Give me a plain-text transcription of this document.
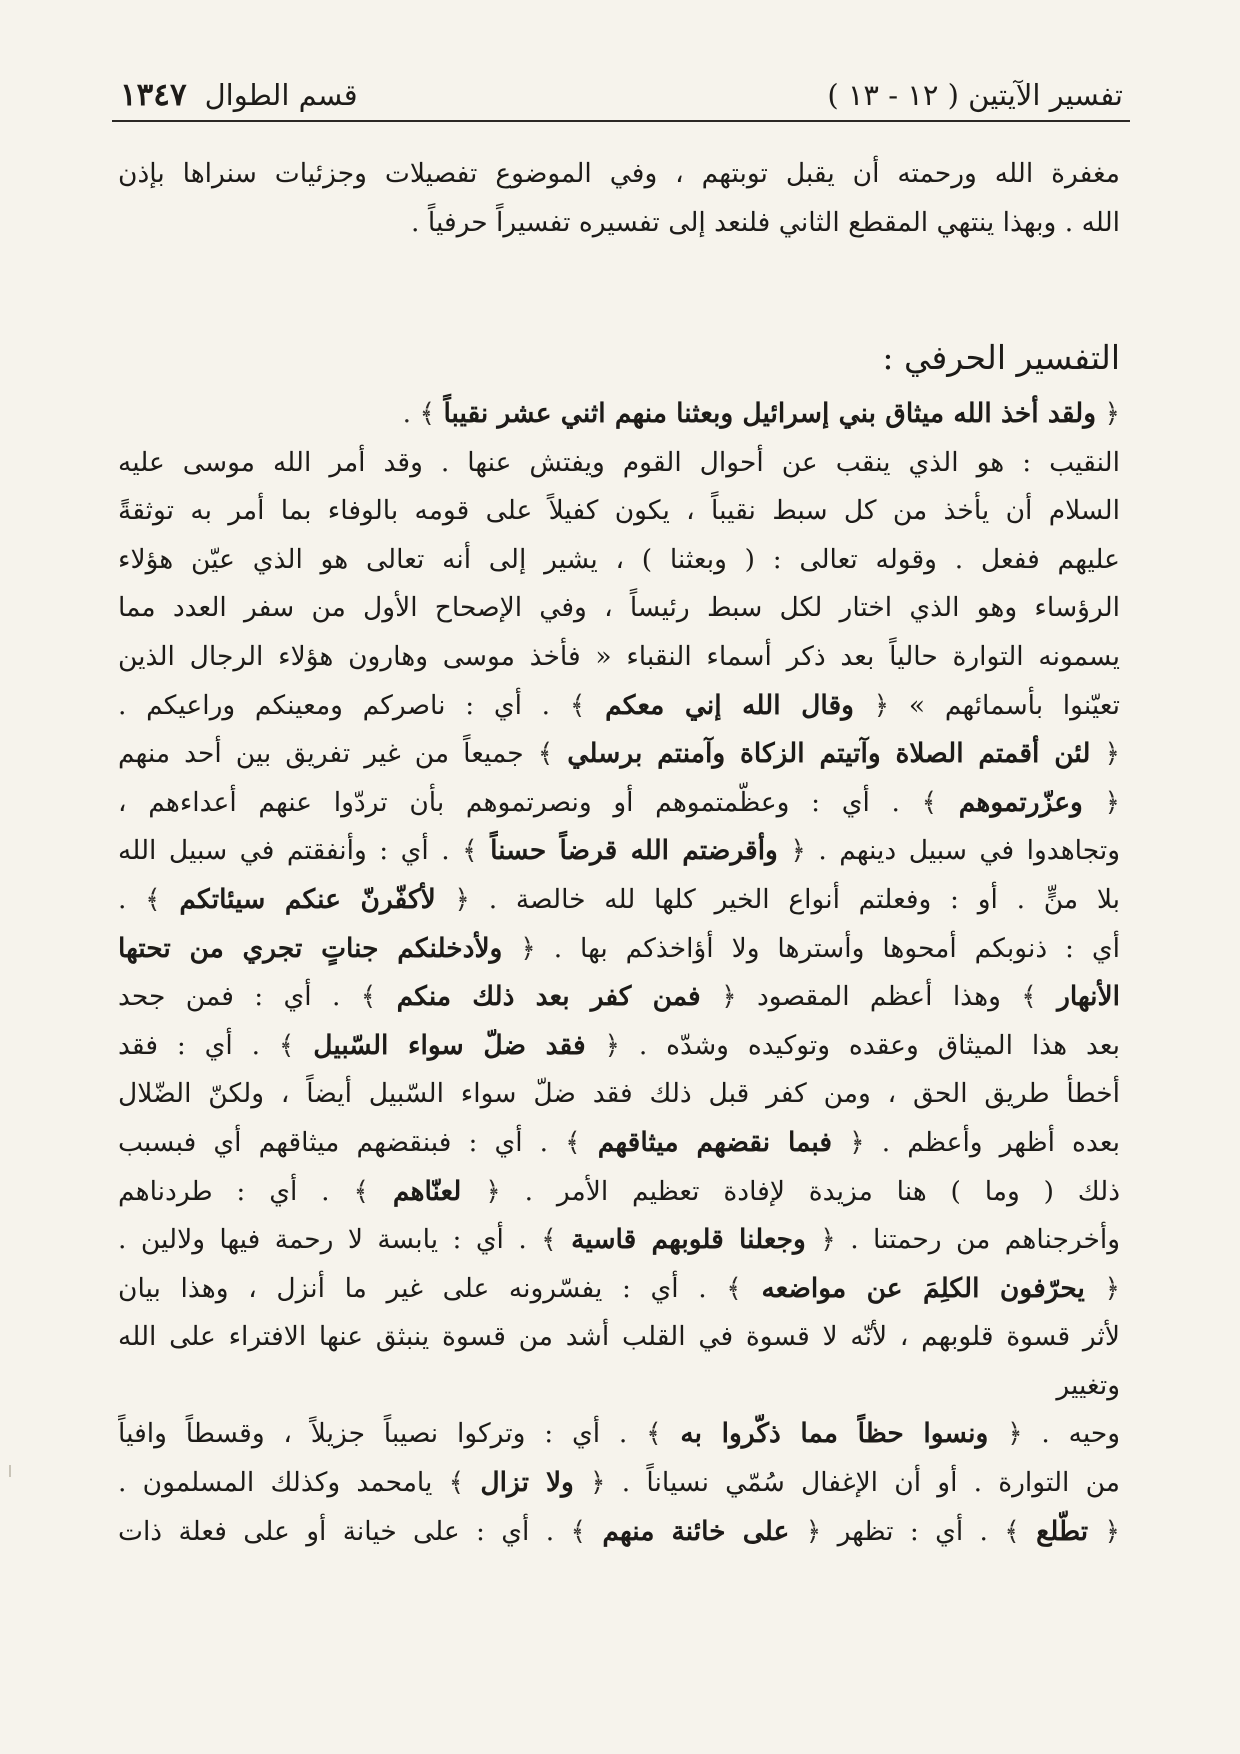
تفسير الآيتين ( ١٢ - ١٣ )
قسم الطوال
١٣٤٧
مغفرة الله ورحمته أن يقبل توبتهم ، وفي الموضوع تفصيلات وجزئيات سنراها بإذن
الله . وبهذا ينتهي المقطع الثاني فلنعد إلى تفسيره تفسيراً حرفياً .
التفسير الحرفي :
﴿ ولقد أخذ الله ميثاق بني إسرائيل وبعثنا منهم اثني عشر نقيباً ﴾ .
النقيب : هو الذي ينقب عن أحوال القوم ويفتش عنها . وقد أمر الله موسى عليه
السلام أن يأخذ من كل سبط نقيباً ، يكون كفيلاً على قومه بالوفاء بما أمر به توثقةً
عليهم ففعل . وقوله تعالى : ( وبعثنا ) ، يشير إلى أنه تعالى هو الذي عيّن هؤلاء
الرؤساء وهو الذي اختار لكل سبط رئيساً ، وفي الإصحاح الأول من سفر العدد مما
يسمونه التوارة حالياً بعد ذكر أسماء النقباء « فأخذ موسى وهارون هؤلاء الرجال الذين
تعيّنوا بأسمائهم » ﴿ وقال الله إني معكم ﴾ . أي : ناصركم ومعينكم وراعيكم .
﴿ لئن أقمتم الصلاة وآتيتم الزكاة وآمنتم برسلي ﴾ جميعاً من غير تفريق بين أحد منهم
﴿ وعزّرتموهم ﴾ . أي : وعظّمتموهم أو ونصرتموهم بأن تردّوا عنهم أعداءهم ،
وتجاهدوا في سبيل دينهم . ﴿ وأقرضتم الله قرضاً حسناً ﴾ . أي : وأنفقتم في سبيل الله
بلا منٍّ . أو : وفعلتم أنواع الخير كلها لله خالصة . ﴿ لأكفّرنّ عنكم سيئاتكم ﴾ .
أي : ذنوبكم أمحوها وأسترها ولا أؤاخذكم بها . ﴿ ولأدخلنكم جناتٍ تجري من تحتها
الأنهار ﴾ وهذا أعظم المقصود ﴿ فمن كفر بعد ذلك منكم ﴾ . أي : فمن جحد
بعد هذا الميثاق وعقده وتوكيده وشدّه . ﴿ فقد ضلّ سواء السّبيل ﴾ . أي : فقد
أخطأ طريق الحق ، ومن كفر قبل ذلك فقد ضلّ سواء السّبيل أيضاً ، ولكنّ الضّلال
بعده أظهر وأعظم . ﴿ فبما نقضهم ميثاقهم ﴾ . أي : فبنقضهم ميثاقهم أي فبسبب
ذلك ( وما ) هنا مزيدة لإفادة تعظيم الأمر . ﴿ لعنّاهم ﴾ . أي : طردناهم
وأخرجناهم من رحمتنا . ﴿ وجعلنا قلوبهم قاسية ﴾ . أي : يابسة لا رحمة فيها ولالين .
﴿ يحرّفون الكلِمَ عن مواضعه ﴾ . أي : يفسّرونه على غير ما أنزل ، وهذا بيان
لأثر قسوة قلوبهم ، لأنّه لا قسوة في القلب أشد من قسوة ينبثق عنها الافتراء على الله وتغيير
وحيه . ﴿ ونسوا حظاً مما ذكّروا به ﴾ . أي : وتركوا نصيباً جزيلاً ، وقسطاً وافياً
من التوارة . أو أن الإغفال سُمّي نسياناً . ﴿ ولا تزال ﴾ يامحمد وكذلك المسلمون .
﴿ تطّلع ﴾ . أي : تظهر ﴿ على خائنة منهم ﴾ . أي : على خيانة أو على فعلة ذات
